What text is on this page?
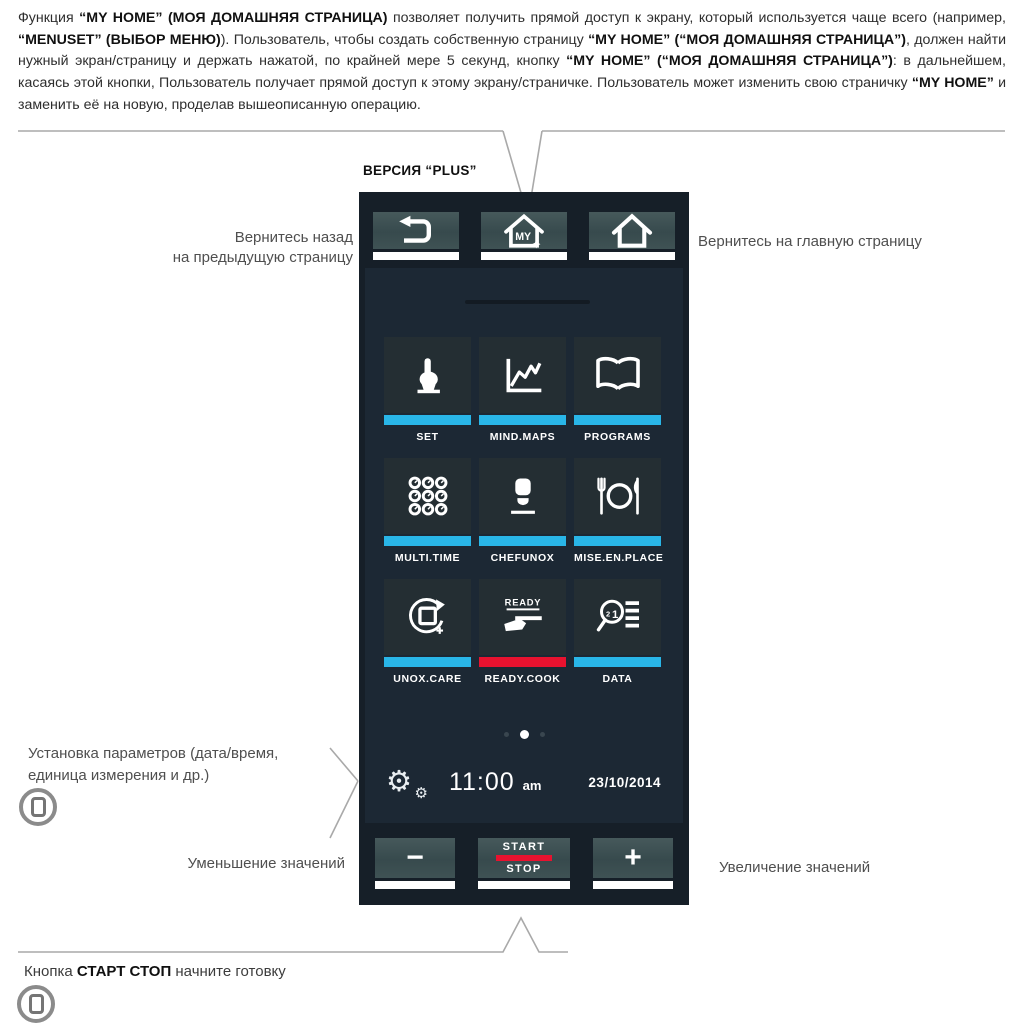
Функция “MY HOME” (МОЯ ДОМАШНЯЯ СТРАНИЦА) позволяет получить прямой доступ к экрану, который используется чаще всего (например, “MENUSET” (ВЫБОР МЕНЮ)). Пользователь, чтобы создать собственную страницу “MY HOME” (“МОЯ ДОМАШНЯЯ СТРАНИЦА”), должен найти нужный экран/страницу и держать нажатой, по крайней мере 5 секунд, кнопку “MY HOME” (“МОЯ ДОМАШНЯЯ СТРАНИЦА”): в дальнейшем, касаясь этой кнопки, Пользователь получает прямой доступ к этому экрану/страничке. Пользователь может изменить свою страничку “MY HOME” и заменить её на новую, проделав вышеописанную операцию.

ВЕРСИЯ “PLUS”
Вернитесь назад
на предыдущую страницу
Вернитесь на главную страницу
Установка параметров (дата/время,
единица измерения и др.)
Уменьшение значений	Увеличение значений
MY
SET	MIND.MAPS	PROGRAMS
MULTI.TIME	CHEFUNOX	MISE.EN.PLACE
UNOX.CARE
READY
READY.COOK
2 1
DATA
⚙ ⚙ 11:00 am	23/10/2014
−	START
STOP	+
Кнопка СТАРТ СТОП начните готовку
